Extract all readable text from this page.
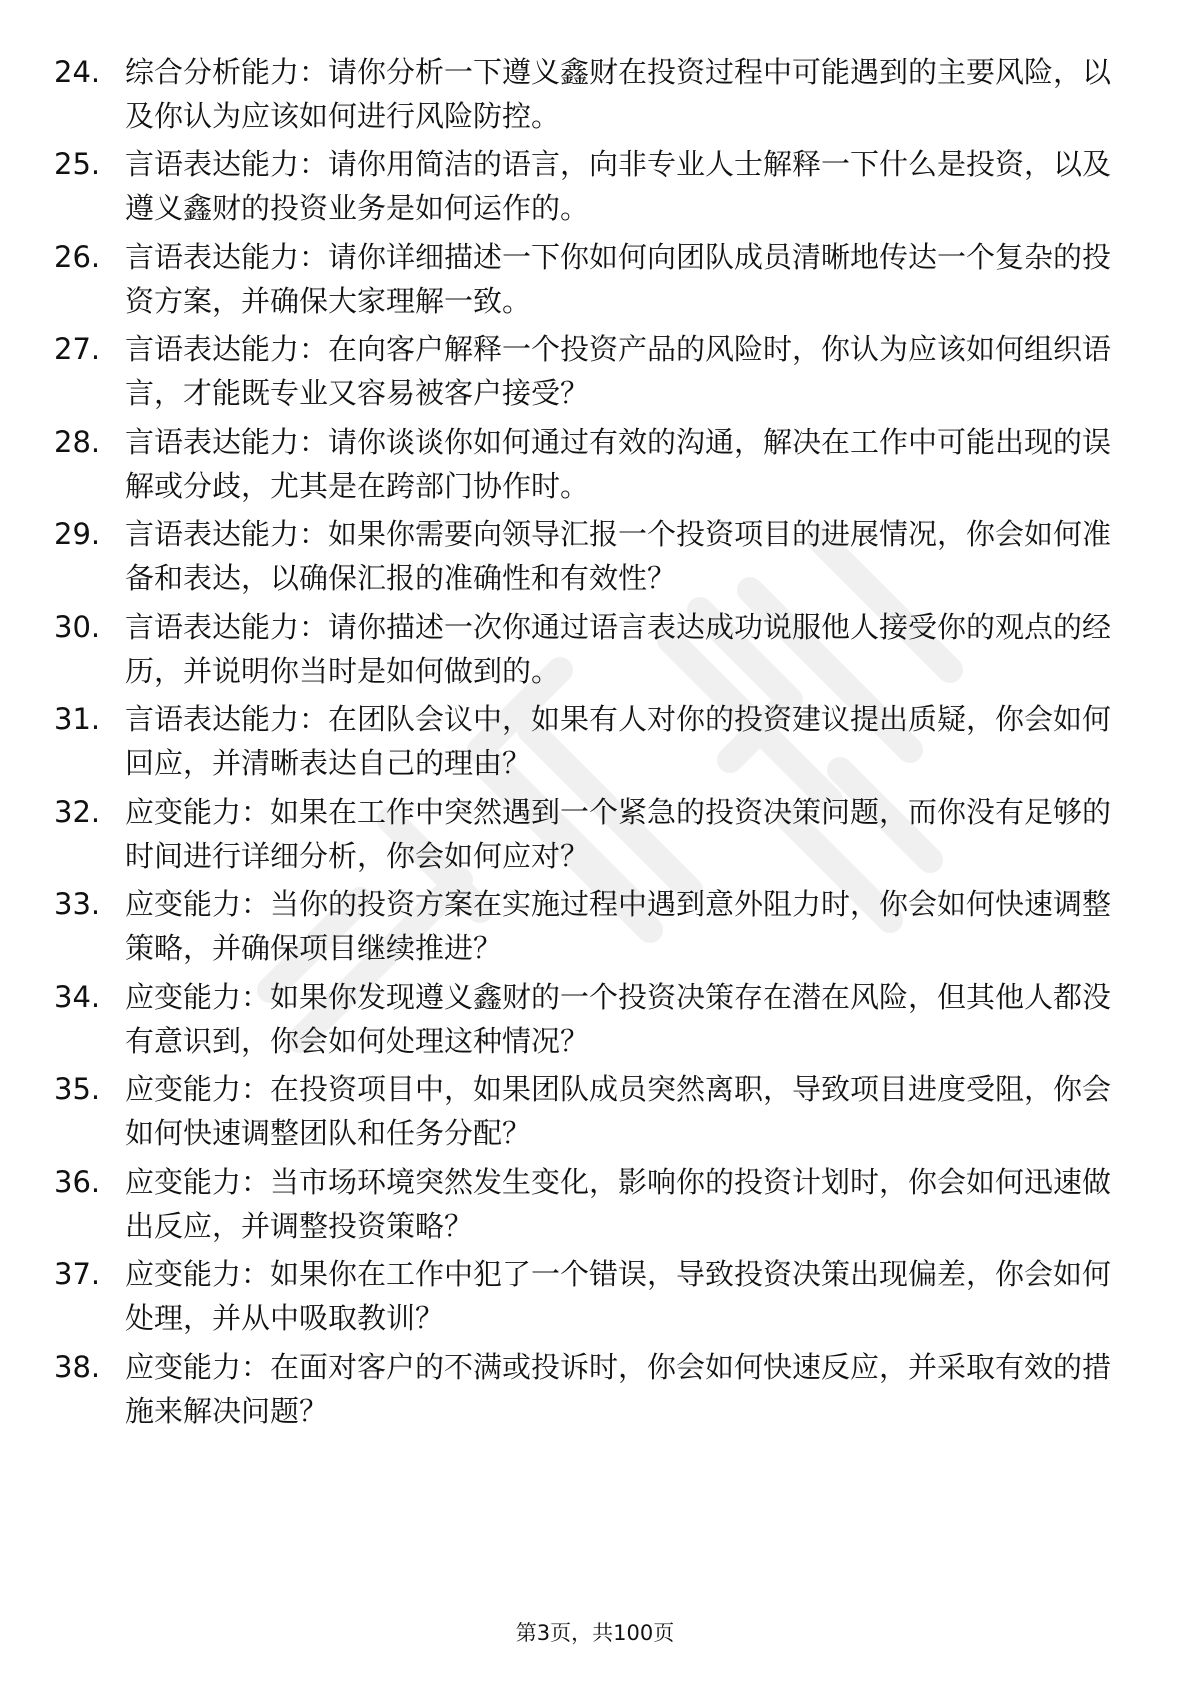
24. 综合分析能力：请你分析一下遵义鑫财在投资过程中可能遇到的主要风险，以及你认为应该如何进行风险防控。
25. 言语表达能力：请你用简洁的语言，向非专业人士解释一下什么是投资，以及遵义鑫财的投资业务是如何运作的。
26. 言语表达能力：请你详细描述一下你如何向团队成员清晰地传达一个复杂的投资方案，并确保大家理解一致。
27. 言语表达能力：在向客户解释一个投资产品的风险时，你认为应该如何组织语言，才能既专业又容易被客户接受？
28. 言语表达能力：请你谈谈你如何通过有效的沟通，解决在工作中可能出现的误解或分歧，尤其是在跨部门协作时。
29. 言语表达能力：如果你需要向领导汇报一个投资项目的进展情况，你会如何准备和表达，以确保汇报的准确性和有效性？
30. 言语表达能力：请你描述一次你通过语言表达成功说服他人接受你的观点的经历，并说明你当时是如何做到的。
31. 言语表达能力：在团队会议中，如果有人对你的投资建议提出质疑，你会如何回应，并清晰表达自己的理由？
32. 应变能力：如果在工作中突然遇到一个紧急的投资决策问题，而你没有足够的时间进行详细分析，你会如何应对？
33. 应变能力：当你的投资方案在实施过程中遇到意外阻力时，你会如何快速调整策略，并确保项目继续推进？
34. 应变能力：如果你发现遵义鑫财的一个投资决策存在潜在风险，但其他人都没有意识到，你会如何处理这种情况？
35. 应变能力：在投资项目中，如果团队成员突然离职，导致项目进度受阻，你会如何快速调整团队和任务分配？
36. 应变能力：当市场环境突然发生变化，影响你的投资计划时，你会如何迅速做出反应，并调整投资策略？
37. 应变能力：如果你在工作中犯了一个错误，导致投资决策出现偏差，你会如何处理，并从中吸取教训？
38. 应变能力：在面对客户的不满或投诉时，你会如何快速反应，并采取有效的措施来解决问题？
第3页，共100页
